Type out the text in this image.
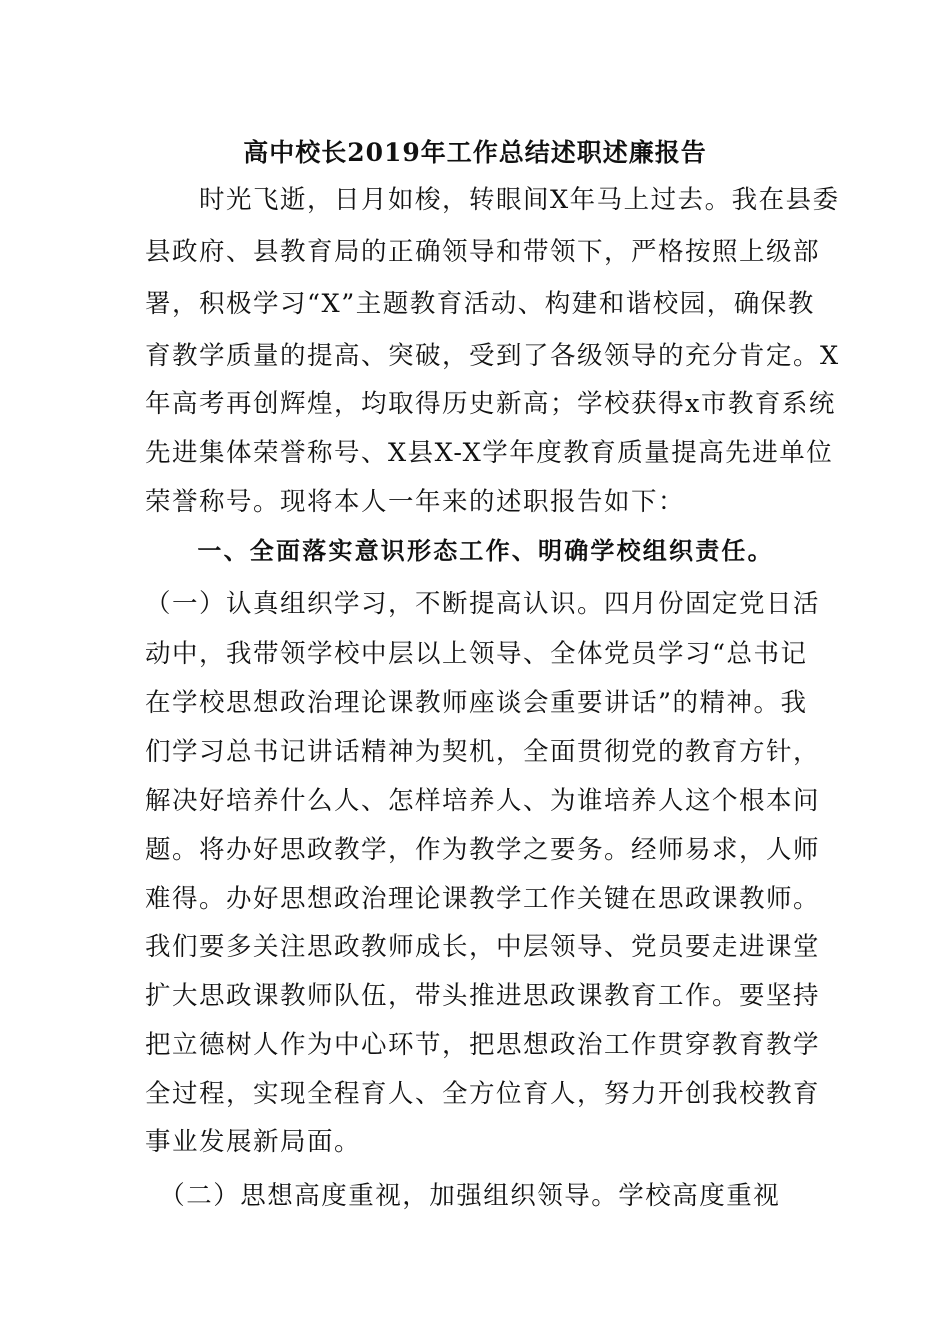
高中校长2019年工作总结述职述廉报告
　　时光飞逝，日月如梭，转眼间X年马上过去。我在县委
县政府、县教育局的正确领导和带领下，严格按照上级部
署，积极学习“X”主题教育活动、构建和谐校园，确保教
育教学质量的提高、突破，受到了各级领导的充分肯定。X
年高考再创辉煌，均取得历史新高；学校获得x市教育系统
先进集体荣誉称号、X县X-X学年度教育质量提高先进单位
荣誉称号。现将本人一年来的述职报告如下：
　　一、全面落实意识形态工作、明确学校组织责任。
（一）认真组织学习，不断提高认识。四月份固定党日活
动中，我带领学校中层以上领导、全体党员学习“总书记
在学校思想政治理论课教师座谈会重要讲话”的精神。我
们学习总书记讲话精神为契机，全面贯彻党的教育方针，
解决好培养什么人、怎样培养人、为谁培养人这个根本问
题。将办好思政教学，作为教学之要务。经师易求，人师
难得。办好思想政治理论课教学工作关键在思政课教师。
我们要多关注思政教师成长，中层领导、党员要走进课堂
扩大思政课教师队伍，带头推进思政课教育工作。要坚持
把立德树人作为中心环节，把思想政治工作贯穿教育教学
全过程，实现全程育人、全方位育人，努力开创我校教育
事业发展新局面。
　（二）思想高度重视，加强组织领导。学校高度重视
